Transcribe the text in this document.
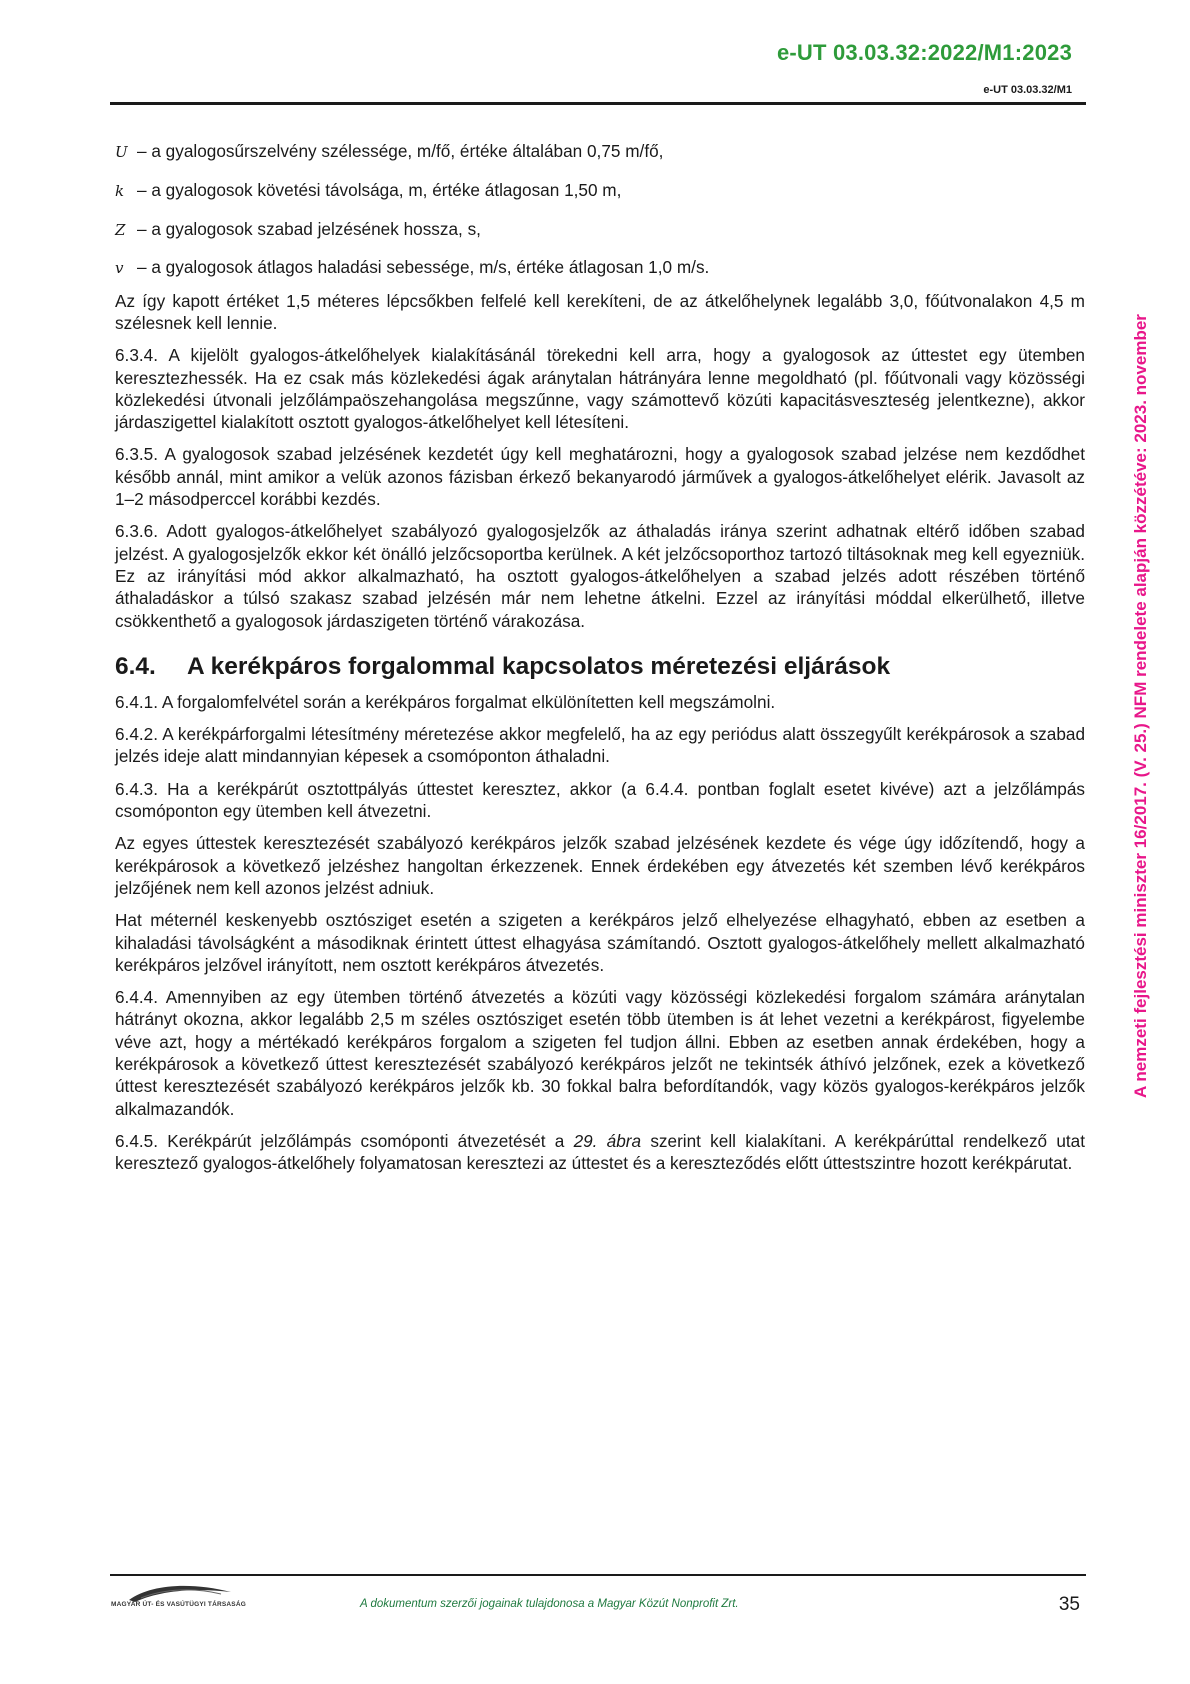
e-UT 03.03.32:2022/M1:2023
e-UT 03.03.32/M1
A nemzeti fejlesztési miniszter 16/2017. (V. 25.) NFM rendelete alapján közzétéve: 2023. november
U – a gyalogosűrszelvény szélessége, m/fő, értéke általában 0,75 m/fő,
k – a gyalogosok követési távolsága, m, értéke átlagosan 1,50 m,
Z – a gyalogosok szabad jelzésének hossza, s,
v – a gyalogosok átlagos haladási sebessége, m/s, értéke átlagosan 1,0 m/s.

Az így kapott értéket 1,5 méteres lépcsőkben felfelé kell kerekíteni, de az átkelőhelynek legalább 3,0, főútvonalakon 4,5 m szélesnek kell lennie.

6.3.4. A kijelölt gyalogos-átkelőhelyek kialakításánál törekedni kell arra, hogy a gyalogosok az úttestet egy ütemben keresztezhessék. Ha ez csak más közlekedési ágak aránytalan hátrányára lenne megoldható (pl. főútvonali vagy közösségi közlekedési útvonali jelzőlámpaöszehangolása megszűnne, vagy számottevő közúti kapacitásveszteség jelentkezne), akkor járdaszigettel kialakított osztott gyalogos-átkelőhelyet kell létesíteni.

6.3.5. A gyalogosok szabad jelzésének kezdetét úgy kell meghatározni, hogy a gyalogosok szabad jelzése nem kezdődhet később annál, mint amikor a velük azonos fázisban érkező bekanyarodó járművek a gyalogos-átkelőhelyet elérik. Javasolt az 1–2 másodperccel korábbi kezdés.

6.3.6. Adott gyalogos-átkelőhelyet szabályozó gyalogosjelzők az áthaladás iránya szerint adhatnak eltérő időben szabad jelzést. A gyalogosjelzők ekkor két önálló jelzőcsoportba kerülnek. A két jelzőcsoporthoz tartozó tiltásoknak meg kell egyezniük. Ez az irányítási mód akkor alkalmazható, ha osztott gyalogos-átkelőhelyen a szabad jelzés adott részében történő áthaladáskor a túlsó szakasz szabad jelzésén már nem lehetne átkelni. Ezzel az irányítási móddal elkerülhető, illetve csökkenthető a gyalogosok járdaszigeten történő várakozása.

6.4. A kerékpáros forgalommal kapcsolatos méretezési eljárások

6.4.1. A forgalomfelvétel során a kerékpáros forgalmat elkülönítetten kell megszámolni.

6.4.2. A kerékpárforgalmi létesítmény méretezése akkor megfelelő, ha az egy periódus alatt összegyűlt kerékpárosok a szabad jelzés ideje alatt mindannyian képesek a csomóponton áthaladni.

6.4.3. Ha a kerékpárút osztottpályás úttestet keresztez, akkor (a 6.4.4. pontban foglalt esetet kivéve) azt a jelzőlámpás csomóponton egy ütemben kell átvezetni.

Az egyes úttestek keresztezését szabályozó kerékpáros jelzők szabad jelzésének kezdete és vége úgy időzítendő, hogy a kerékpárosok a következő jelzéshez hangoltan érkezzenek. Ennek érdekében egy átvezetés két szemben lévő kerékpáros jelzőjének nem kell azonos jelzést adniuk.

Hat méternél keskenyebb osztósziget esetén a szigeten a kerékpáros jelző elhelyezése elhagyható, ebben az esetben a kihaladási távolságként a másodiknak érintett úttest elhagyása számítandó. Osztott gyalogos-átkelőhely mellett alkalmazható kerékpáros jelzővel irányított, nem osztott kerékpáros átvezetés.

6.4.4. Amennyiben az egy ütemben történő átvezetés a közúti vagy közösségi közlekedési forgalom számára aránytalan hátrányt okozna, akkor legalább 2,5 m széles osztósziget esetén több ütemben is át lehet vezetni a kerékpárost, figyelembe véve azt, hogy a mértékadó kerékpáros forgalom a szigeten fel tudjon állni. Ebben az esetben annak érdekében, hogy a kerékpárosok a következő úttest keresztezését szabályozó kerékpáros jelzőt ne tekintsék áthívó jelzőnek, ezek a következő úttest keresztezését szabályozó kerékpáros jelzők kb. 30 fokkal balra befordítandók, vagy közös gyalogos-kerékpáros jelzők alkalmazandók.

6.4.5. Kerékpárút jelzőlámpás csomóponti átvezetését a 29. ábra szerint kell kialakítani. A kerékpárúttal rendelkező utat keresztező gyalogos-átkelőhely folyamatosan keresztezi az úttestet és a kereszteződés előtt úttestszintre hozott kerékpárutat.

MAGYAR ÚT- ÉS VASÚTÜGYI TÁRSASÁG	A dokumentum szerzői jogainak tulajdonosa a Magyar Közút Nonprofit Zrt.	35
